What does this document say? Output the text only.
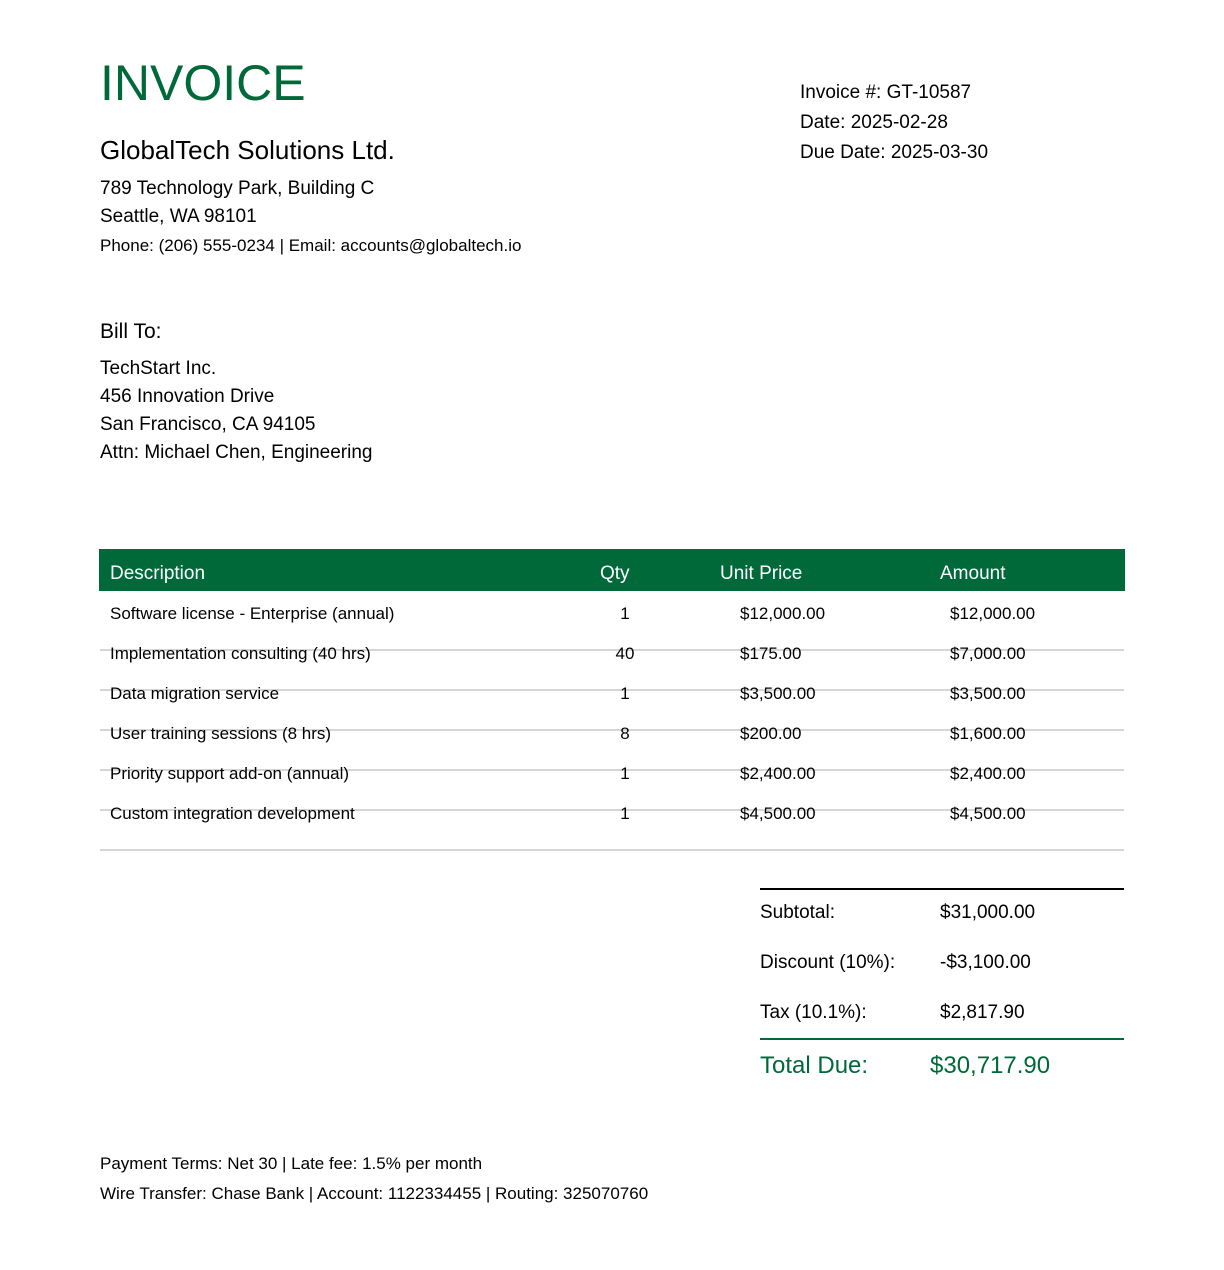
INVOICE
GlobalTech Solutions Ltd.
789 Technology Park, Building C
Seattle, WA 98101
Phone: (206) 555-0234 | Email: accounts@globaltech.io
Invoice #: GT-10587
Date: 2025-02-28
Due Date: 2025-03-30
Bill To:
TechStart Inc.
456 Innovation Drive
San Francisco, CA 94105
Attn: Michael Chen, Engineering
Description	Qty	Unit Price	Amount
Software license - Enterprise (annual)	1	$12,000.00	$12,000.00
Implementation consulting (40 hrs)	40	$175.00	$7,000.00
Data migration service	1	$3,500.00	$3,500.00
User training sessions (8 hrs)	8	$200.00	$1,600.00
Priority support add-on (annual)	1	$2,400.00	$2,400.00
Custom integration development	1	$4,500.00	$4,500.00
Subtotal:	$31,000.00
Discount (10%): -$3,100.00
Tax (10.1%):	$2,817.90
Total Due:	$30,717.90
Payment Terms: Net 30 | Late fee: 1.5% per month
Wire Transfer: Chase Bank | Account: 1122334455 | Routing: 325070760
